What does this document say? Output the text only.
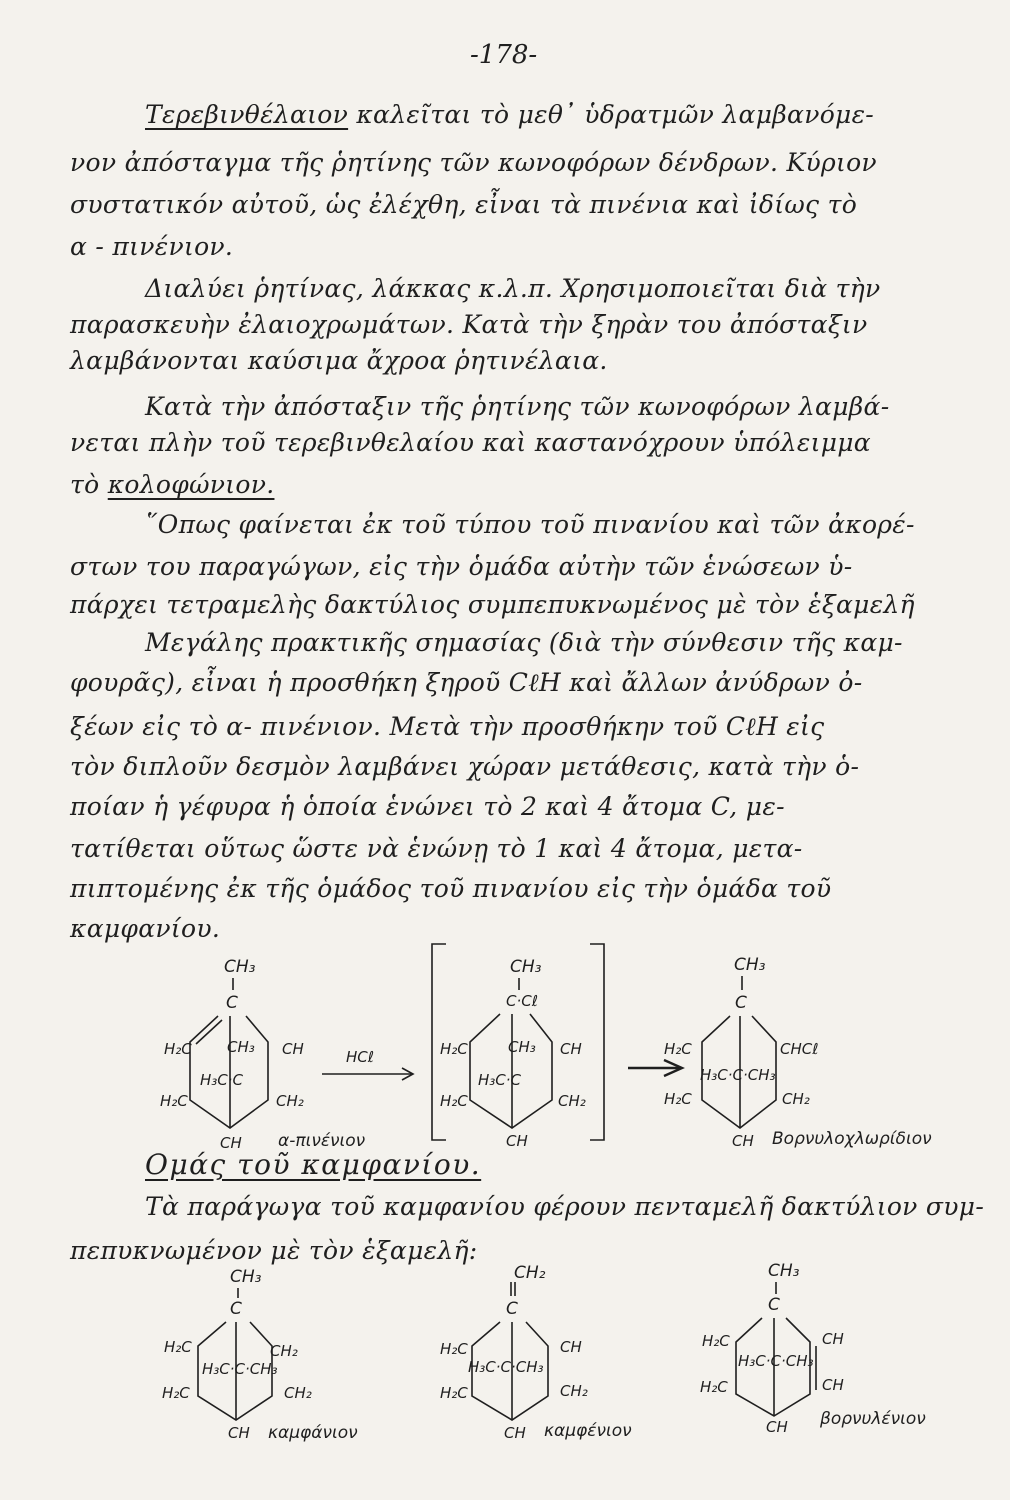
-178-
Τερεβινθέλαιον καλεῖται τὸ μεθ᾿ ὑδρατμῶν λαμβανόμε-
νον ἀπόσταγμα τῆς ῥητίνης τῶν κωνοφόρων δένδρων. Κύριον
συστατικόν αὐτοῦ, ὡς ἐλέχθη, εἶναι τὰ πινένια καὶ ἰδίως τὸ
α - πινένιον.
Διαλύει ῥητίνας, λάκκας κ.λ.π. Χρησιμοποιεῖται διὰ τὴν
παρασκευὴν ἐλαιοχρωμάτων. Κατὰ τὴν ξηρὰν του ἀπόσταξιν
λαμβάνονται καύσιμα ἄχροα ῥητινέλαια.
Κατὰ τὴν ἀπόσταξιν τῆς ῥητίνης τῶν κωνοφόρων λαμβά-
νεται πλὴν τοῦ τερεβινθελαίου καὶ καστανόχρουν ὑπόλειμμα
τὸ κολοφώνιον.
῞Οπως φαίνεται ἐκ τοῦ τύπου τοῦ πινανίου καὶ τῶν ἀκορέ-
στων του παραγώγων, εἰς τὴν ὁμάδα αὐτὴν τῶν ἑνώσεων ὑ-
πάρχει τετραμελὴς δακτύλιος συμπεπυκνωμένος μὲ τὸν ἑξαμελῆ
Μεγάλης πρακτικῆς σημασίας (διὰ τὴν σύνθεσιν τῆς καμ-
φουρᾶς), εἶναι ἡ προσθήκη ξηροῦ CℓH καὶ ἄλλων ἀνύδρων ὀ-
ξέων εἰς τὸ α- πινένιον. Μετὰ τὴν προσθήκην τοῦ CℓH εἰς
τὸν διπλοῦν δεσμὸν λαμβάνει χώραν μετάθεσις, κατὰ τὴν ὁ-
ποίαν ἡ γέφυρα ἡ ὁποία ἑνώνει τὸ 2 καὶ 4 ἄτομα C, με-
τατίθεται οὕτως ὥστε νὰ ἑνώνῃ τὸ 1 καὶ 4 ἄτομα, μετα-
πιπτομένης ἐκ τῆς ὁμάδος τοῦ πινανίου εἰς τὴν ὁμάδα τοῦ
καμφανίου.
Ομάς τοῦ καμφανίου.
Τὰ παράγωγα τοῦ καμφανίου φέρουν πενταμελῆ δακτύλιον συμ-
πεπυκνωμένον μὲ τὸν ἑξαμελῆ:
CH₃
C
H₂C CH₃
H₃C·C
CH
H₂C	CH₂
CH α-πινένιον
HCℓ
CH₃
C·Cℓ
H₂C	CH₃
H₃C·C
CH
H₂C	CH₂
CH
CH₃
C
H₂C
H₃C·C·CH₃
CHCℓ
H₂C	CH₂
CH Βορνυλοχλωρίδιον
CH₃
C
H₂C	CH₂
H₃C·C·CH₃
H₂C	CH₂
CH καμφάνιον
CH₂
C
H₂C	CH
H₃C·C·CH₃
H₂C	CH₂
CH καμφένιον
CH₃
C
H₂C	CH
H₃C·C·CH₃
H₂C	CH
CH βορνυλένιον
